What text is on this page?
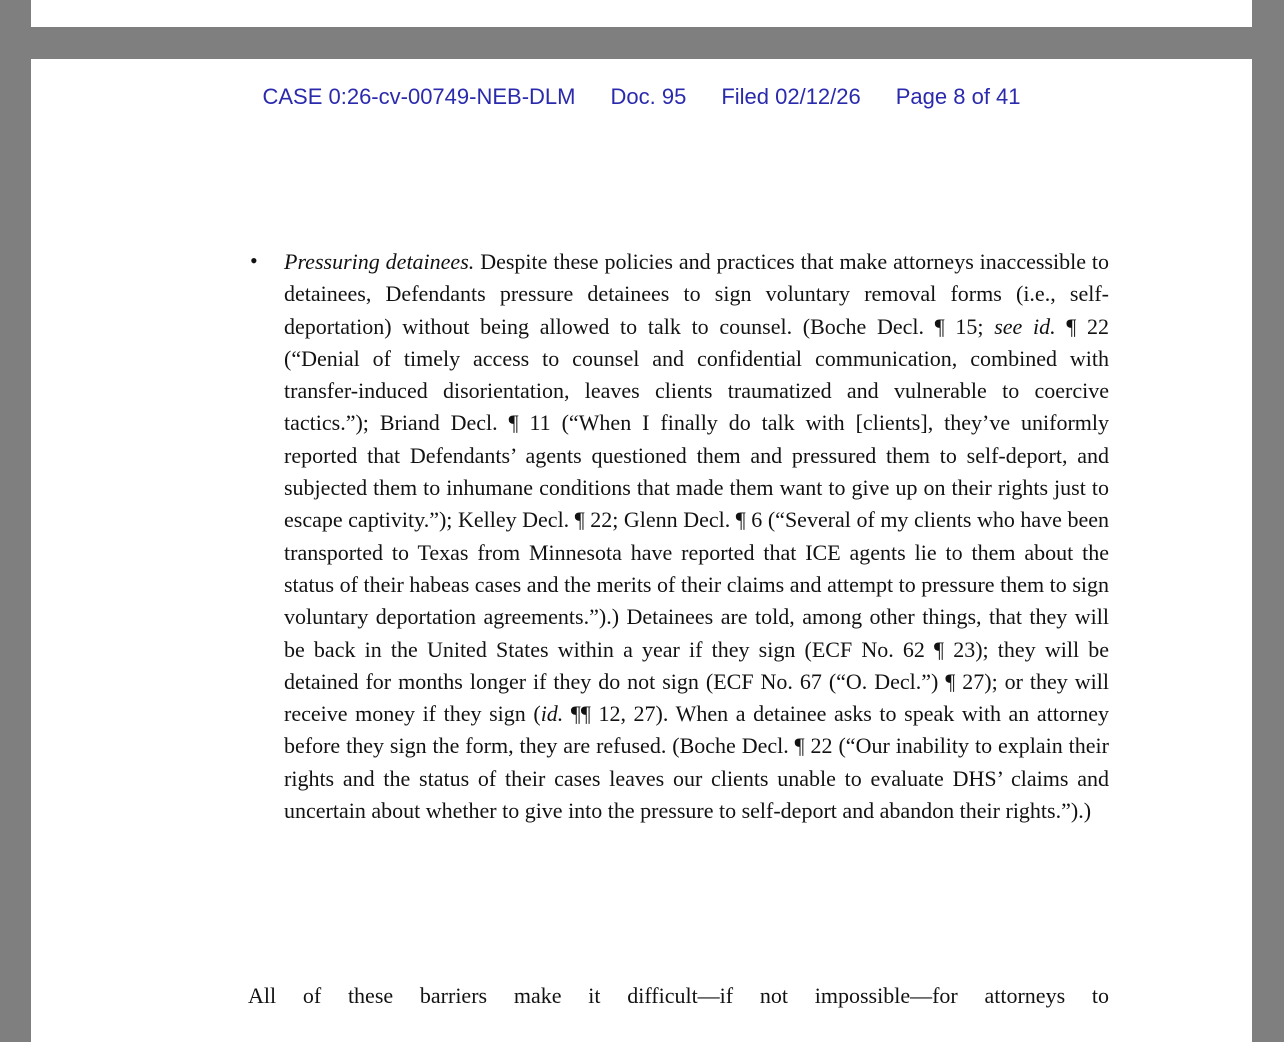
CASE 0:26-cv-00749-NEB-DLM Doc. 95 Filed 02/12/26 Page 8 of 41
• Pressuring detainees. Despite these policies and practices that make attorneys inaccessible to detainees, Defendants pressure detainees to sign voluntary removal forms (i.e., self-deportation) without being allowed to talk to counsel. (Boche Decl. ¶ 15; see id. ¶ 22 (“Denial of timely access to counsel and confidential communication, combined with transfer-induced disorientation, leaves clients traumatized and vulnerable to coercive tactics.”); Briand Decl. ¶ 11 (“When I finally do talk with [clients], they’ve uniformly reported that Defendants’ agents questioned them and pressured them to self-deport, and subjected them to inhumane conditions that made them want to give up on their rights just to escape captivity.”); Kelley Decl. ¶ 22; Glenn Decl. ¶ 6 (“Several of my clients who have been transported to Texas from Minnesota have reported that ICE agents lie to them about the status of their habeas cases and the merits of their claims and attempt to pressure them to sign voluntary deportation agreements.”).) Detainees are told, among other things, that they will be back in the United States within a year if they sign (ECF No. 62 ¶ 23); they will be detained for months longer if they do not sign (ECF No. 67 (“O. Decl.”) ¶ 27); or they will receive money if they sign (id. ¶¶ 12, 27). When a detainee asks to speak with an attorney before they sign the form, they are refused. (Boche Decl. ¶ 22 (“Our inability to explain their rights and the status of their cases leaves our clients unable to evaluate DHS’ claims and uncertain about whether to give into the pressure to self-deport and abandon their rights.”).)
All of these barriers make it difficult—if not impossible—for attorneys to
